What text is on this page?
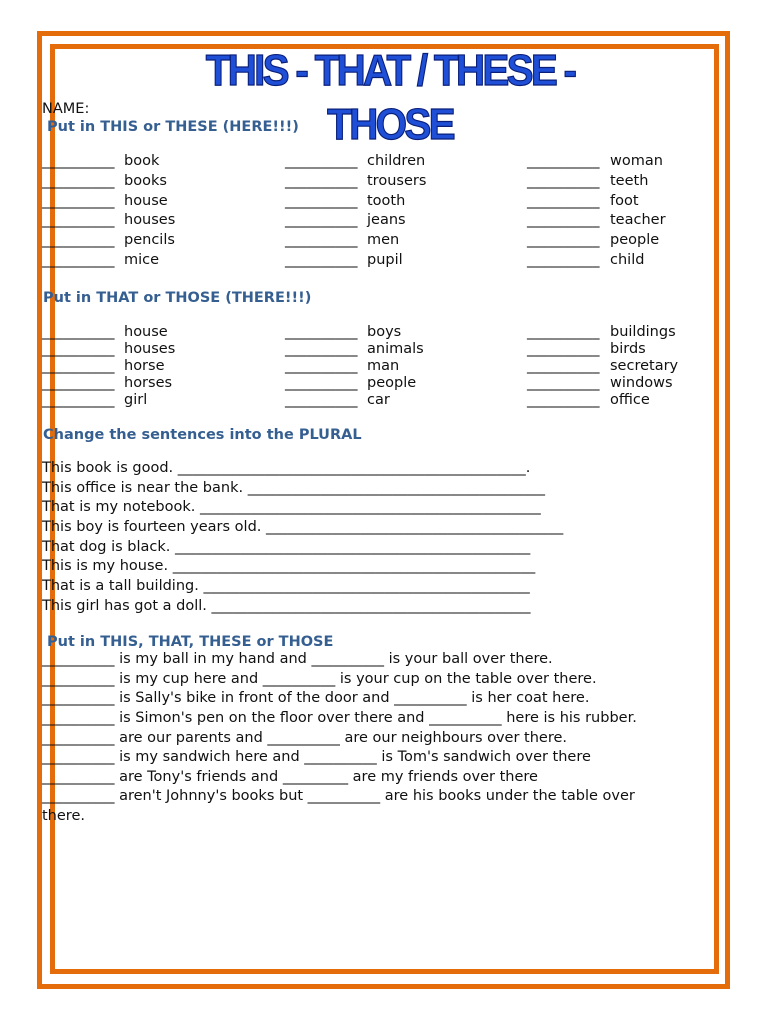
THIS - THAT / THESE - THOSE
NAME:
Put in THIS or THESE (HERE!!!)
__________ book
__________ books
__________ house
__________ houses
__________ pencils
__________ mice
__________ children
__________ trousers
__________ tooth
__________ jeans
__________ men
__________ pupil
__________ woman
__________ teeth
__________ foot
__________ teacher
__________ people
__________ child
Put in THAT or THOSE (THERE!!!)
__________ house
__________ houses
__________ horse
__________ horses
__________ girl
__________ boys
__________ animals
__________ man
__________ people
__________ car
__________ buildings
__________ birds
__________ secretary
__________ windows
__________ office
Change the sentences into the PLURAL
This book is good. ________________________________________________.
This office is near the bank. _________________________________________
That is my notebook. _______________________________________________
This boy is fourteen years old. _________________________________________
That dog is black. _________________________________________________
This is my house. __________________________________________________
That is a tall building. _____________________________________________
This girl has got a doll. ____________________________________________
Put in THIS, THAT, THESE or THOSE
__________ is my ball in my hand and __________ is your ball over there.
__________ is my cup here and __________ is your cup on the table over there.
__________ is Sally's bike in front of the door and __________ is her coat here.
__________ is Simon's pen on the floor over there and __________ here is his rubber.
__________ are our parents and __________ are our neighbours over there.
__________ is my sandwich here and __________ is Tom's sandwich over there
__________ are Tony's friends and _________ are my friends over there
__________ aren't Johnny's books but __________ are his books under the table over
there.
